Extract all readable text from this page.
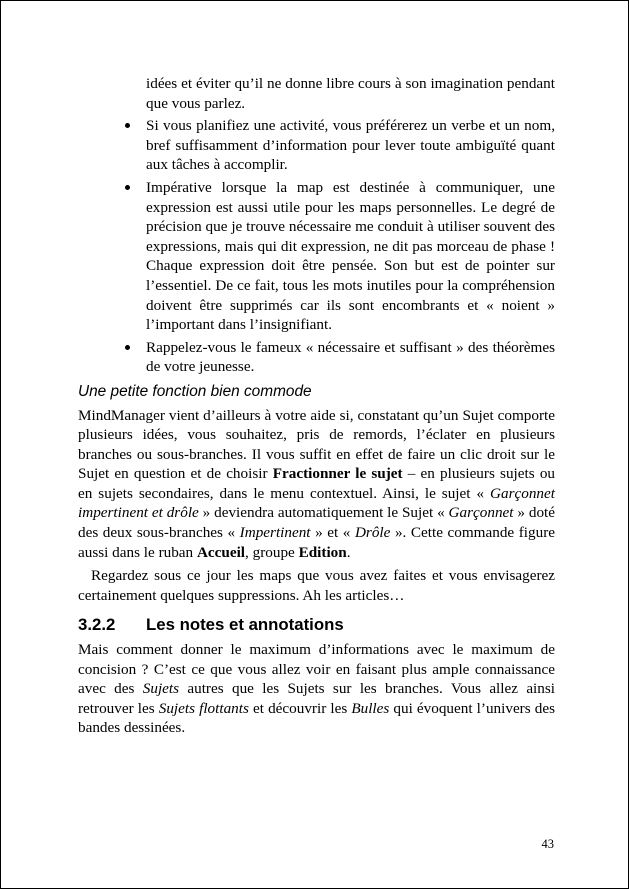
idées et éviter qu’il ne donne libre cours à son imagination pendant que vous parlez.

Si vous planifiez une activité, vous préférerez un verbe et un nom, bref suffisamment d’information pour lever toute ambiguïté quant aux tâches à accomplir.
Impérative lorsque la map est destinée à communiquer, une expression est aussi utile pour les maps personnelles. Le degré de précision que je trouve nécessaire me conduit à utiliser souvent des expressions, mais qui dit expression, ne dit pas morceau de phase ! Chaque expression doit être pensée. Son but est de pointer sur l’essentiel. De ce fait, tous les mots inutiles pour la compréhension doivent être supprimés car ils sont encombrants et « noient » l’important dans l’insignifiant.
Rappelez-vous le fameux « nécessaire et suffisant » des théorèmes de votre jeunesse.

Une petite fonction bien commode

MindManager vient d’ailleurs à votre aide si, constatant qu’un Sujet comporte plusieurs idées, vous souhaitez, pris de remords, l’éclater en plusieurs branches ou sous-branches. Il vous suffit en effet de faire un clic droit sur le Sujet en question et de choisir Fractionner le sujet – en plusieurs sujets ou en sujets secondaires, dans le menu contextuel. Ainsi, le sujet « Garçonnet impertinent et drôle » deviendra automatiquement le Sujet « Garçonnet » doté des deux sous-branches « Impertinent » et « Drôle ». Cette commande figure aussi dans le ruban Accueil, groupe Edition.

Regardez sous ce jour les maps que vous avez faites et vous envisagerez certainement quelques suppressions. Ah les articles…

3.2.2	Les notes et annotations

Mais comment donner le maximum d’informations avec le maximum de concision ? C’est ce que vous allez voir en faisant plus ample connaissance avec des Sujets autres que les Sujets sur les branches. Vous allez ainsi retrouver les Sujets flottants et découvrir les Bulles qui évoquent l’univers des bandes dessinées.

43
